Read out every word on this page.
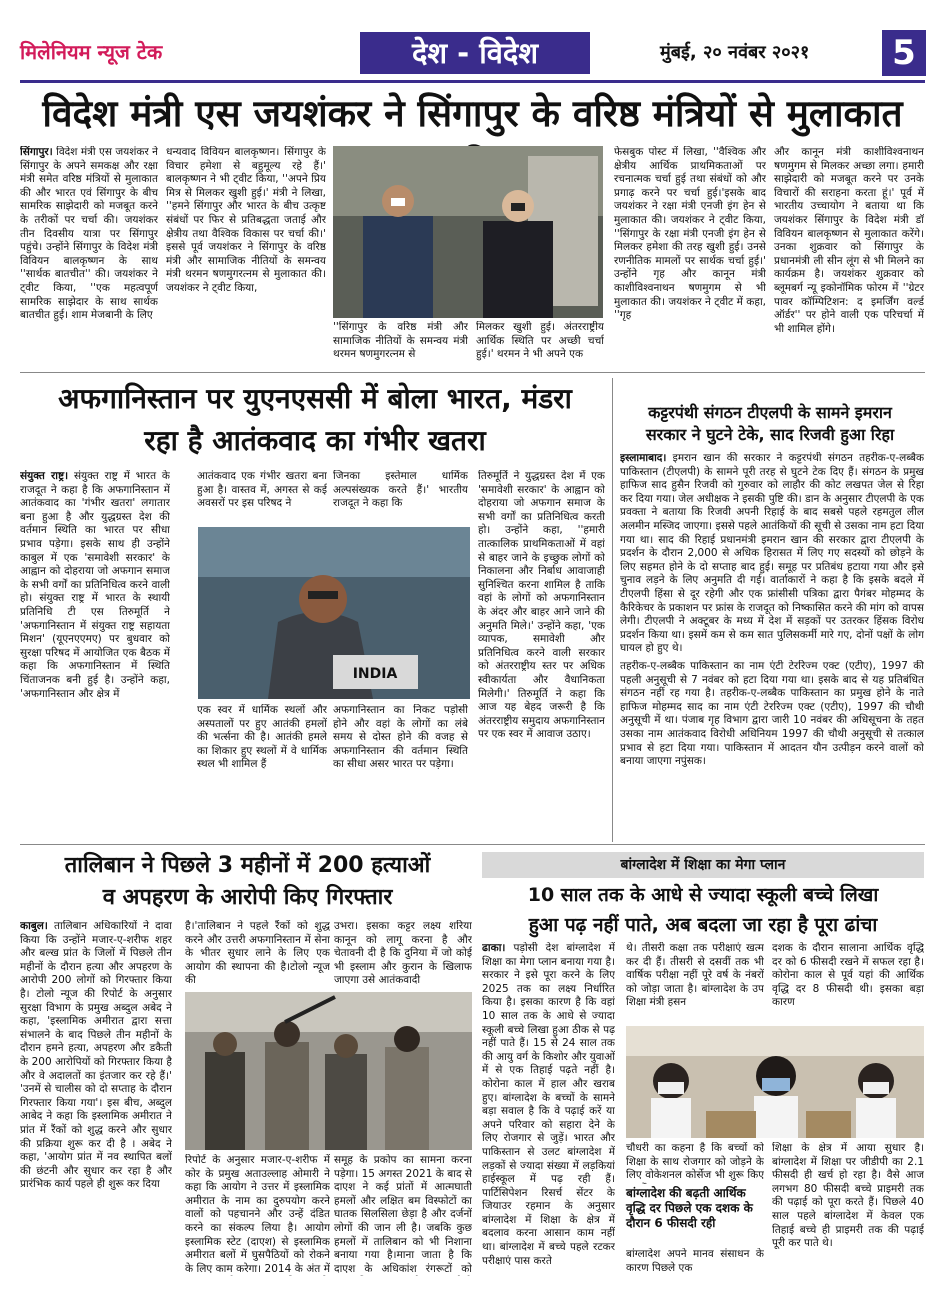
मिलेनियम न्यूज टेक	देश - विदेश	मुंबई, २० नवंबर २०२१	5
विदेश मंत्री एस जयशंकर ने सिंगापुर के वरिष्ठ मंत्रियों से मुलाकात
सिंगापुर। विदेश मंत्री एस जयशंकर ने सिंगापुर के अपने समकक्ष और रक्षा मंत्री समेत वरिष्ठ मंत्रियों से मुलाकात की और भारत एवं सिंगापुर के बीच सामरिक साझेदारी को मजबूत करने के तरीकों पर चर्चा की। जयशंकर तीन दिवसीय यात्रा पर सिंगापुर पहुंचे। उन्होंने सिंगापुर के विदेश मंत्री विवियन बालकृष्णन के साथ ''सार्थक बातचीत'' की। जयशंकर ने ट्वीट किया, ''एक महत्वपूर्ण सामरिक साझेदार के साथ सार्थक बातचीत हुई। शाम मेजबानी के लिए
धन्यवाद विवियन बालकृष्णन। सिंगापुर के विचार हमेशा से बहुमूल्य रहे हैं।' बालकृष्णन ने भी ट्वीट किया, ''अपने प्रिय मित्र से मिलकर खुशी हुई।' मंत्री ने लिखा, ''हमने सिंगापुर और भारत के बीच उत्कृष्ट संबंधों पर फिर से प्रतिबद्धता जताई और क्षेत्रीय तथा वैश्विक विकास पर चर्चा की।' इससे पूर्व जयशंकर ने सिंगापुर के वरिष्ठ मंत्री और सामाजिक नीतियों के समन्वय मंत्री थरमन षणमुगरत्नम से मुलाकात की। जयशंकर ने ट्वीट किया,
''सिंगापुर के वरिष्ठ मंत्री और सामाजिक नीतियों के समन्वय मंत्री थरमन षणमुगरत्नम से
मिलकर खुशी हुई। अंतरराष्ट्रीय आर्थिक स्थिति पर अच्छी चर्चा हुई।' थरमन ने भी अपने एक
फेसबुक पोस्ट में लिखा, ''वैश्विक और क्षेत्रीय आर्थिक प्राथमिकताओं पर रचनात्मक चर्चा हुई तथा संबंधों को और प्रगाढ़ करने पर चर्चा हुई।'इसके बाद जयशंकर ने रक्षा मंत्री एनजी इंग हेन से मुलाकात की। जयशंकर ने ट्वीट किया, ''सिंगापुर के रक्षा मंत्री एनजी इंग हेन से मिलकर हमेशा की तरह खुशी हुई। उनसे रणनीतिक मामलों पर सार्थक चर्चा हुई।' उन्होंने गृह और कानून मंत्री काशीविश्वनाथन षणमुगम से भी मुलाकात की। जयशंकर ने ट्वीट में कहा, ''गृह
और कानून मंत्री काशीविश्वनाथन षणमुगम से मिलकर अच्छा लगा। हमारी साझेदारी को मजबूत करने पर उनके विचारों की सराहना करता हूं।' पूर्व में भारतीय उच्चायोग ने बताया था कि जयशंकर सिंगापुर के विदेश मंत्री डॉ विवियन बालकृष्णन से मुलाकात करेंगे। उनका शुक्रवार को सिंगापुर के प्रधानमंत्री ली सीन लूंग से भी मिलने का कार्यक्रम है। जयशंकर शुक्रवार को ब्लूमबर्ग न्यू इकोनॉमिक फोरम में ''ग्रेटर पावर कॉम्पिटिशन: द इमर्जिंग वर्ल्ड ऑर्डर'' पर होने वाली एक परिचर्चा में भी शामिल होंगे।
अफगानिस्तान पर युएनएससी में बोला भारत, मंडरा
रहा है आतंकवाद का गंभीर खतरा
संयुक्त राष्ट्र। संयुक्त राष्ट्र में भारत के राजदूत ने कहा है कि अफगानिस्तान में आतंकवाद का 'गंभीर खतरा' लगातार बना हुआ है और युद्धग्रस्त देश की वर्तमान स्थिति का भारत पर सीधा प्रभाव पड़ेगा। इसके साथ ही उन्होंने काबुल में एक 'समावेशी सरकार' के आह्वान को दोहराया जो अफगान समाज के सभी वर्गों का प्रतिनिधित्व करने वाली हो। संयुक्त राष्ट्र में भारत के स्थायी प्रतिनिधि टी एस तिरुमूर्ति ने 'अफगानिस्तान में संयुक्त राष्ट्र सहायता मिशन' (यूएनएएमए) पर बुधवार को सुरक्षा परिषद में आयोजित एक बैठक में कहा कि अफगानिस्तान में स्थिति चिंताजनक बनी हुई है। उन्होंने कहा, 'अफगानिस्तान और क्षेत्र में
आतंकवाद एक गंभीर खतरा बना हुआ है। वास्तव में, अगस्त से कई अवसरों पर इस परिषद ने
जिनका इस्तेमाल धार्मिक अल्पसंख्यक करते हैं।' भारतीय राजदूत ने कहा कि
INDIA
एक स्वर में धार्मिक स्थलों और अस्पतालों पर हुए आतंकी हमलों की भर्त्सना की है। आतंकी हमले का शिकार हुए स्थलों में वे धार्मिक स्थल भी शामिल हैं
अफगानिस्तान का निकट पड़ोसी होने और वहां के लोगों का लंबे समय से दोस्त होने की वजह से अफगानिस्तान की वर्तमान स्थिति का सीधा असर भारत पर पड़ेगा।
तिरुमूर्ति ने युद्धग्रस्त देश में एक 'समावेशी सरकार' के आह्वान को दोहराया जो अफगान समाज के सभी वर्गों का प्रतिनिधित्व करती हो। उन्होंने कहा, ''हमारी तात्कालिक प्राथमिकताओं में वहां से बाहर जाने के इच्छुक लोगों को निकालना और निर्बाध आवाजाही सुनिश्चित करना शामिल है ताकि वहां के लोगों को अफगानिस्तान के अंदर और बाहर आने जाने की अनुमति मिले।' उन्होंने कहा, 'एक व्यापक, समावेशी और प्रतिनिधित्व करने वाली सरकार को अंतरराष्ट्रीय स्तर पर अधिक स्वीकार्यता और वैधानिकता मिलेगी।' तिरुमूर्ति ने कहा कि आज यह बेहद जरूरी है कि अंतरराष्ट्रीय समुदाय अफगानिस्तान पर एक स्वर में आवाज उठाए।
कट्टरपंथी संगठन टीएलपी के सामने इमरान
सरकार ने घुटने टेके, साद रिजवी हुआ रिहा
इस्लामाबाद। इमरान खान की सरकार ने कट्टरपंथी संगठन तहरीक-ए-लब्बैक पाकिस्तान (टीएलपी) के सामने पूरी तरह से घुटने टेक दिए हैं। संगठन के प्रमुख हाफिज साद हुसैन रिजवी को गुरुवार को लाहौर की कोट लखपत जेल से रिहा कर दिया गया। जेल अधीक्षक ने इसकी पुष्टि की। डान के अनुसार टीएलपी के एक प्रवक्ता ने बताया कि रिजवी अपनी रिहाई के बाद सबसे पहले रहमतुल लील अलमीन मस्जिद जाएगा। इससे पहले आतंकियों की सूची से उसका नाम हटा दिया गया था। साद की रिहाई प्रधानमंत्री इमरान खान की सरकार द्वारा टीएलपी के प्रदर्शन के दौरान 2,000 से अधिक हिरासत में लिए गए सदस्यों को छोड़ने के लिए सहमत होने के दो सप्ताह बाद हुई। समूह पर प्रतिबंध हटाया गया और इसे चुनाव लड़ने के लिए अनुमति दी गई। वार्ताकारों ने कहा है कि इसके बदले में टीएलपी हिंसा से दूर रहेगी और एक फ्रांसीसी पत्रिका द्वारा पैगंबर मोहम्मद के कैरिकेचर के प्रकाशन पर फ्रांस के राजदूत को निष्कासित करने की मांग को वापस लेगी। टीएलपी ने अक्टूबर के मध्य में देश में सड़कों पर उतरकर हिंसक विरोध प्रदर्शन किया था। इसमें कम से कम सात पुलिसकर्मी मारे गए, दोनों पक्षों के लोग घायल हो हुए थे।
तहरीक-ए-लब्बैक पाकिस्तान का नाम एंटी टेररिज्म एक्ट (एटीए), 1997 की पहली अनुसूची से 7 नवंबर को हटा दिया गया था। इसके बाद से यह प्रतिबंधित संगठन नहीं रह गया है। तहरीक-ए-लब्बैक पाकिस्तान का प्रमुख होने के नाते हाफिज मोहम्मद साद का नाम एंटी टेररिज्म एक्ट (एटीए), 1997 की चौथी अनुसूची में था। पंजाब गृह विभाग द्वारा जारी 10 नवंबर की अधिसूचना के तहत उसका नाम आतंकवाद विरोधी अधिनियम 1997 की चौथी अनुसूची से तत्काल प्रभाव से हटा दिया गया। पाकिस्तान में आदतन यौन उत्पीड़न करने वालों को बनाया जाएगा नपुंसक।
तालिबान ने पिछले 3 महीनों में 200 हत्याओं
व अपहरण के आरोपी किए गिरफ्तार
काबुल। तालिबान अधिकारियों ने दावा किया कि उन्होंने मजार-ए-शरीफ शहर और बल्ख प्रांत के जिलों में पिछले तीन महीनों के दौरान हत्या और अपहरण के आरोपी 200 लोगों को गिरफ्तार किया है। टोलो न्यूज की रिपोर्ट के अनुसार सुरक्षा विभाग के प्रमुख अब्दुल अबेद ने कहा, 'इस्लामिक अमीरात द्वारा सत्ता संभालने के बाद पिछले तीन महीनों के दौरान हमने हत्या, अपहरण और डकैती के 200 आरोपियों को गिरफ्तार किया है और वे अदालतों का इंतजार कर रहे हैं।' 'उनमें से चालीस को दो सप्ताह के दौरान गिरफ्तार किया गया'। इस बीच, अब्दुल आबेद ने कहा कि इस्लामिक अमीरात ने प्रांत में रैंकों को शुद्ध करने और सुधार की प्रक्रिया शुरू कर दी है । अबेद ने कहा, 'आयोग प्रांत में नव स्थापित बलों की छंटनी और सुधार कर रहा है और प्रारंभिक कार्य पहले ही शुरू कर दिया
है।'तालिबान ने पहले रैंकों को शुद्ध करने और उत्तरी अफगानिस्तान में सेना के भीतर सुधार लाने के लिए एक आयोग की स्थापना की है।टोलो न्यूज की
उभरा। इसका कट्टर लक्ष्य शरिया कानून को लागू करना है और चेतावनी दी है कि दुनिया में जो कोई भी इस्लाम और कुरान के खिलाफ जाएगा उसे आतंकवादी
रिपोर्ट के अनुसार मजार-ए-शरीफ में कोर के प्रमुख अताउल्लाह ओमारी ने कहा कि आयोग ने उत्तर में इस्लामिक अमीरात के नाम का दुरुपयोग करने वालों को पहचानने और उन्हें दंडित करने का संकल्प लिया है। आयोग इस्लामिक स्टेट (दाएश) से इस्लामिक अमीरात बलों में घुसपैठियों को रोकने के लिए काम करेगा। 2014 के अंत में
समूह के प्रकोप का सामना करना पड़ेगा। 15 अगस्त 2021 के बाद से दाएश ने कई प्रांतों में आत्मघाती हमलों और लक्षित बम विस्फोटों का घातक सिलसिला छेड़ा है और दर्जनों लोगों की जान ली है। जबकि कुछ हमलों में तालिबान को भी निशाना बनाया गया है।माना जाता है कि दाएश के अधिकांश रंगरूटों को
बांग्लादेश में शिक्षा का मेगा प्लान
10 साल तक के आधे से ज्यादा स्कूली बच्चे लिखा
हुआ पढ़ नहीं पाते, अब बदला जा रहा है पूरा ढांचा
ढाका। पड़ोसी देश बांग्लादेश में शिक्षा का मेगा प्लान बनाया गया है। सरकार ने इसे पूरा करने के लिए 2025 तक का लक्ष्य निर्धारित किया है। इसका कारण है कि वहां 10 साल तक के आधे से ज्यादा स्कूली बच्चे लिखा हुआ ठीक से पढ़ नहीं पाते हैं। 15 से 24 साल तक की आयु वर्ग के किशोर और युवाओं में से एक तिहाई पढ़ते नहीं है। कोरोना काल में हाल और खराब हुए। बांग्लादेश के बच्चों के सामने बड़ा सवाल है कि वे पढ़ाई करें या अपने परिवार को सहारा देने के लिए रोजगार से जुड़ें। भारत और पाकिस्तान से उलट बांग्लादेश में लड़कों से ज्यादा संख्या में लड़कियां हाईस्कूल में पढ़ रही हैं। पार्टिसिपेशन रिसर्च सेंटर के जियाउर रहमान के अनुसार बांग्लादेश में शिक्षा के क्षेत्र में बदलाव करना आसान काम नहीं था। बांग्लादेश में बच्चे पहले रटकर परीक्षाएं पास करते
थे। तीसरी कक्षा तक परीक्षाएं खत्म कर दी हैं। तीसरी से दसवीं तक भी वार्षिक परीक्षा नहीं पूरे वर्ष के नंबरों को जोड़ा जाता है। बांग्लादेश के उप शिक्षा मंत्री हसन
दशक के दौरान सालाना आर्थिक वृद्धि दर को 6 फीसदी रखने में सफल रहा है। कोरोना काल से पूर्व यहां की आर्थिक वृद्धि दर 8 फीसदी थी। इसका बड़ा कारण
चौधरी का कहना है कि बच्चों को शिक्षा के साथ रोजगार को जोड़ने के लिए वोकेशनल कोर्सेज भी शुरू किए
बांग्लादेश की बढ़ती आर्थिक वृद्धि दर पिछले एक दशक के दौरान 6 फीसदी रही
बांग्लादेश अपने मानव संसाधन के कारण पिछले एक
शिक्षा के क्षेत्र में आया सुधार है। बांग्लादेश में शिक्षा पर जीडीपी का 2.1 फीसदी ही खर्च हो रहा है। वैसे आज लगभग 80 फीसदी बच्चे प्राइमरी तक की पढ़ाई को पूरा करते हैं। पिछले 40 साल पहले बांग्लादेश में केवल एक तिहाई बच्चे ही प्राइमरी तक की पढ़ाई पूरी कर पाते थे।
